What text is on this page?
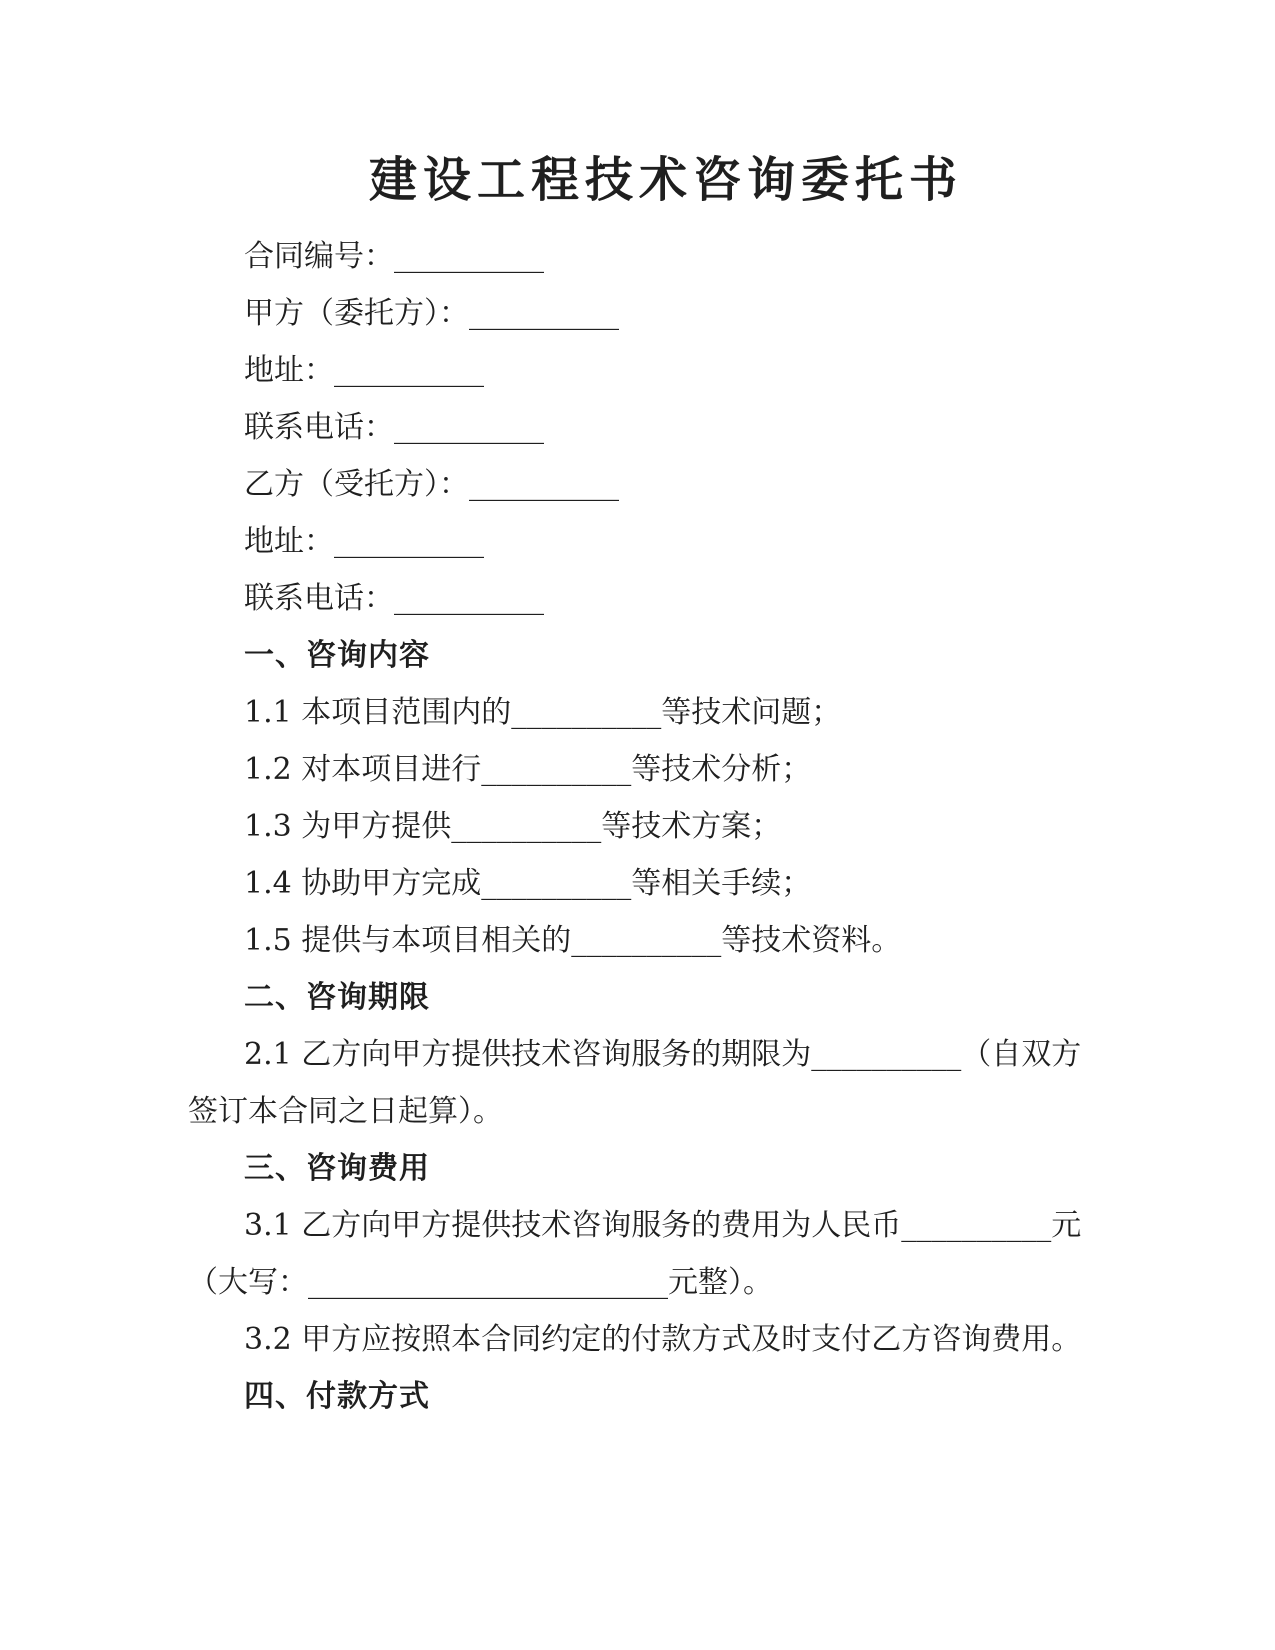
建设工程技术咨询委托书
合同编号：__________
甲方（委托方）：__________
地址：__________
联系电话：__________
乙方（受托方）：__________
地址：__________
联系电话：__________
一、咨询内容
1.1 本项目范围内的__________等技术问题；
1.2 对本项目进行__________等技术分析；
1.3 为甲方提供__________等技术方案；
1.4 协助甲方完成__________等相关手续；
1.5 提供与本项目相关的__________等技术资料。
二、咨询期限
2.1 乙方向甲方提供技术咨询服务的期限为__________（自双方
签订本合同之日起算）。
三、咨询费用
3.1 乙方向甲方提供技术咨询服务的费用为人民币__________元
（大写：________________________元整）。
3.2 甲方应按照本合同约定的付款方式及时支付乙方咨询费用。
四、付款方式
